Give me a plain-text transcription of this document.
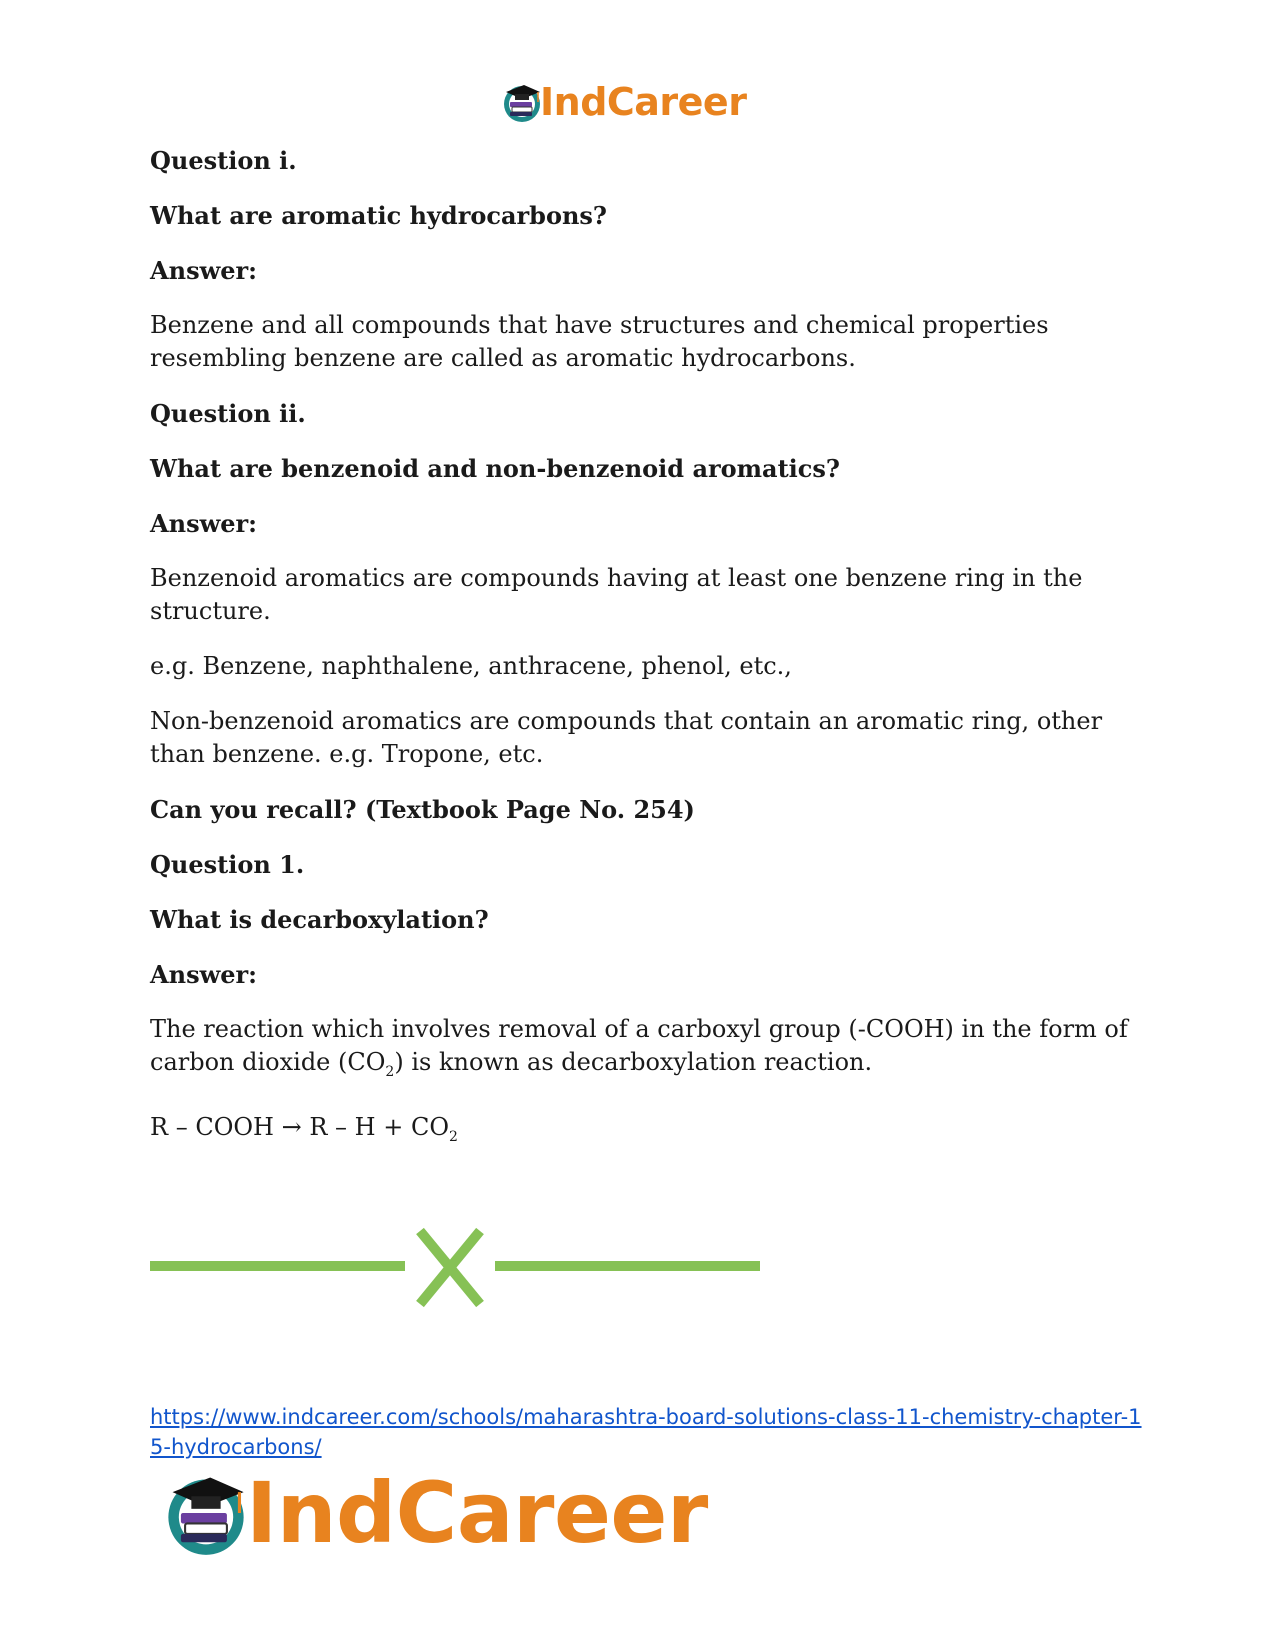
IndCareer

Question i.

What are aromatic hydrocarbons?

Answer:

Benzene and all compounds that have structures and chemical properties resembling benzene are called as aromatic hydrocarbons.

Question ii.

What are benzenoid and non-benzenoid aromatics?

Answer:

Benzenoid aromatics are compounds having at least one benzene ring in the structure.

e.g. Benzene, naphthalene, anthracene, phenol, etc.,

Non-benzenoid aromatics are compounds that contain an aromatic ring, other than benzene. e.g. Tropone, etc.

Can you recall? (Textbook Page No. 254)

Question 1.

What is decarboxylation?

Answer:

The reaction which involves removal of a carboxyl group (-COOH) in the form of carbon dioxide $(CO_2)$ is known as decarboxylation reaction.

R – COOH → $R - H + CO_2$

https://www.indcareer.com/schools/maharashtra-board-solutions-class-11-chemistry-chapter-15-hydrocarbons/
IndCareer
